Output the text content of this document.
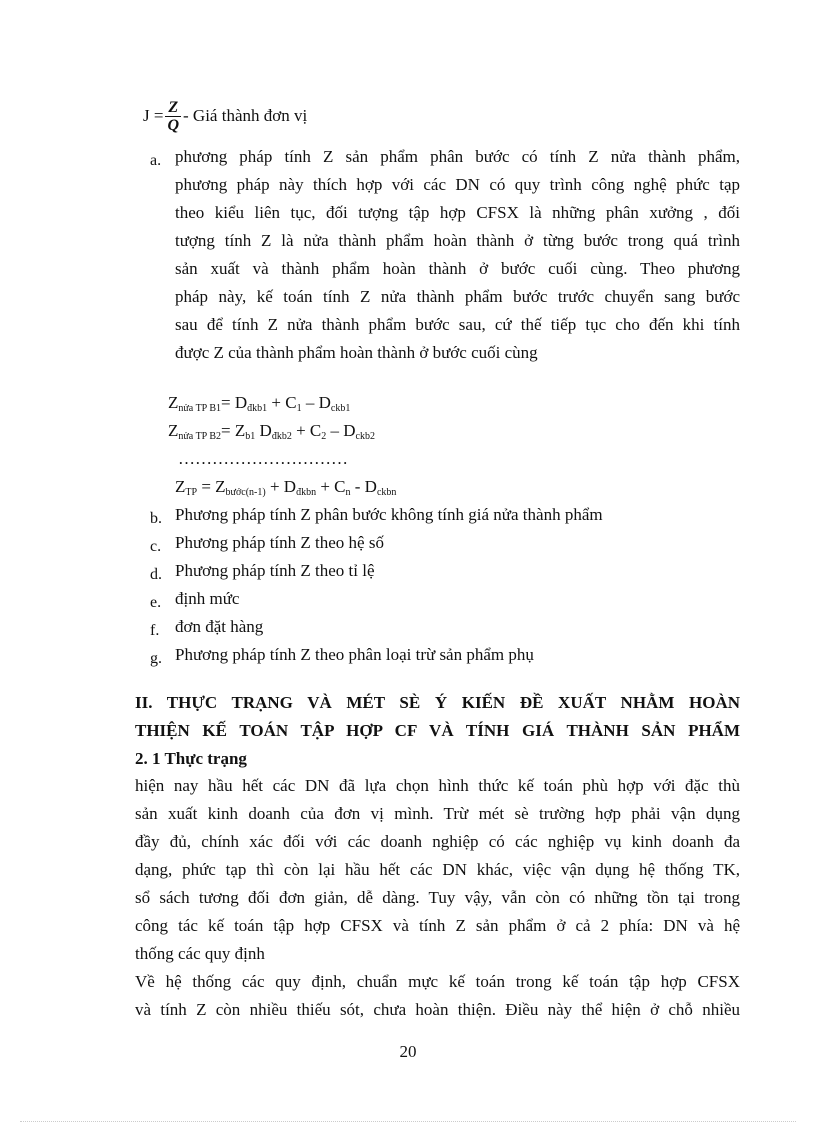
$J = \frac{Z}{Q}$ - Giá thành đơn vị
a. phương pháp tính Z sản phẩm phân bước có tính Z nửa thành phẩm,
phương pháp này thích hợp với các DN có quy trình công nghệ phức tạp
theo kiểu liên tục, đối tượng tập hợp CFSX là những phân xưởng , đối
tượng tính Z là nửa thành phẩm hoàn thành ở từng bước trong quá trình
sản xuất và thành phẩm hoàn thành ở bước cuối cùng. Theo phương
pháp này, kế toán tính Z nửa thành phẩm bước trước chuyển sang bước
sau để tính Z nửa thành phẩm bước sau, cứ thế tiếp tục cho đến khi tính
được Z của thành phẩm hoàn thành ở bước cuối cùng
$Z_{nửa TP B1}= D_{đkb1} + C_1 - D_{ckb1}$
$Z_{nửa TP B2}= Z_{b1}$ $D_{đkb2} + C_2 - D_{ckb2}$
…………………………
$Z_{TP} = Z_{bước(n-1)} + D_{đkbn} + C_n - D_{ckbn}$
b. Phương pháp tính Z phân bước không tính giá nửa thành phẩm
c. Phương pháp tính Z theo hệ số
d. Phương pháp tính Z theo tỉ lệ
e. định mức
f. đơn đặt hàng
g. Phương pháp tính Z theo phân loại trừ sản phẩm phụ
II. THỰC TRẠNG VÀ MÉT SÈ Ý KIẾN ĐỀ XUẤT NHẰM HOÀN
THIỆN KẾ TOÁN TẬP HỢP CF VÀ TÍNH GIÁ THÀNH SẢN PHẨM
2. 1 Thực trạng
hiện nay hầu hết các DN đã lựa chọn hình thức kế toán phù hợp với đặc thù
sản xuất kinh doanh của đơn vị mình. Trừ mét sè trường hợp phải vận dụng
đầy đủ, chính xác đối với các doanh nghiệp có các nghiệp vụ kinh doanh đa
dạng, phức tạp thì còn lại hầu hết các DN khác, việc vận dụng hệ thống TK,
sổ sách tương đối đơn giản, dễ dàng. Tuy vậy, vẫn còn có những tồn tại trong
công tác kế toán tập hợp CFSX và tính Z sản phẩm ở cả 2 phía: DN và hệ
thống các quy định
Về hệ thống các quy định, chuẩn mực kế toán trong kế toán tập hợp CFSX
và tính Z còn nhiều thiếu sót, chưa hoàn thiện. Điều này thể hiện ở chỗ nhiều
20
